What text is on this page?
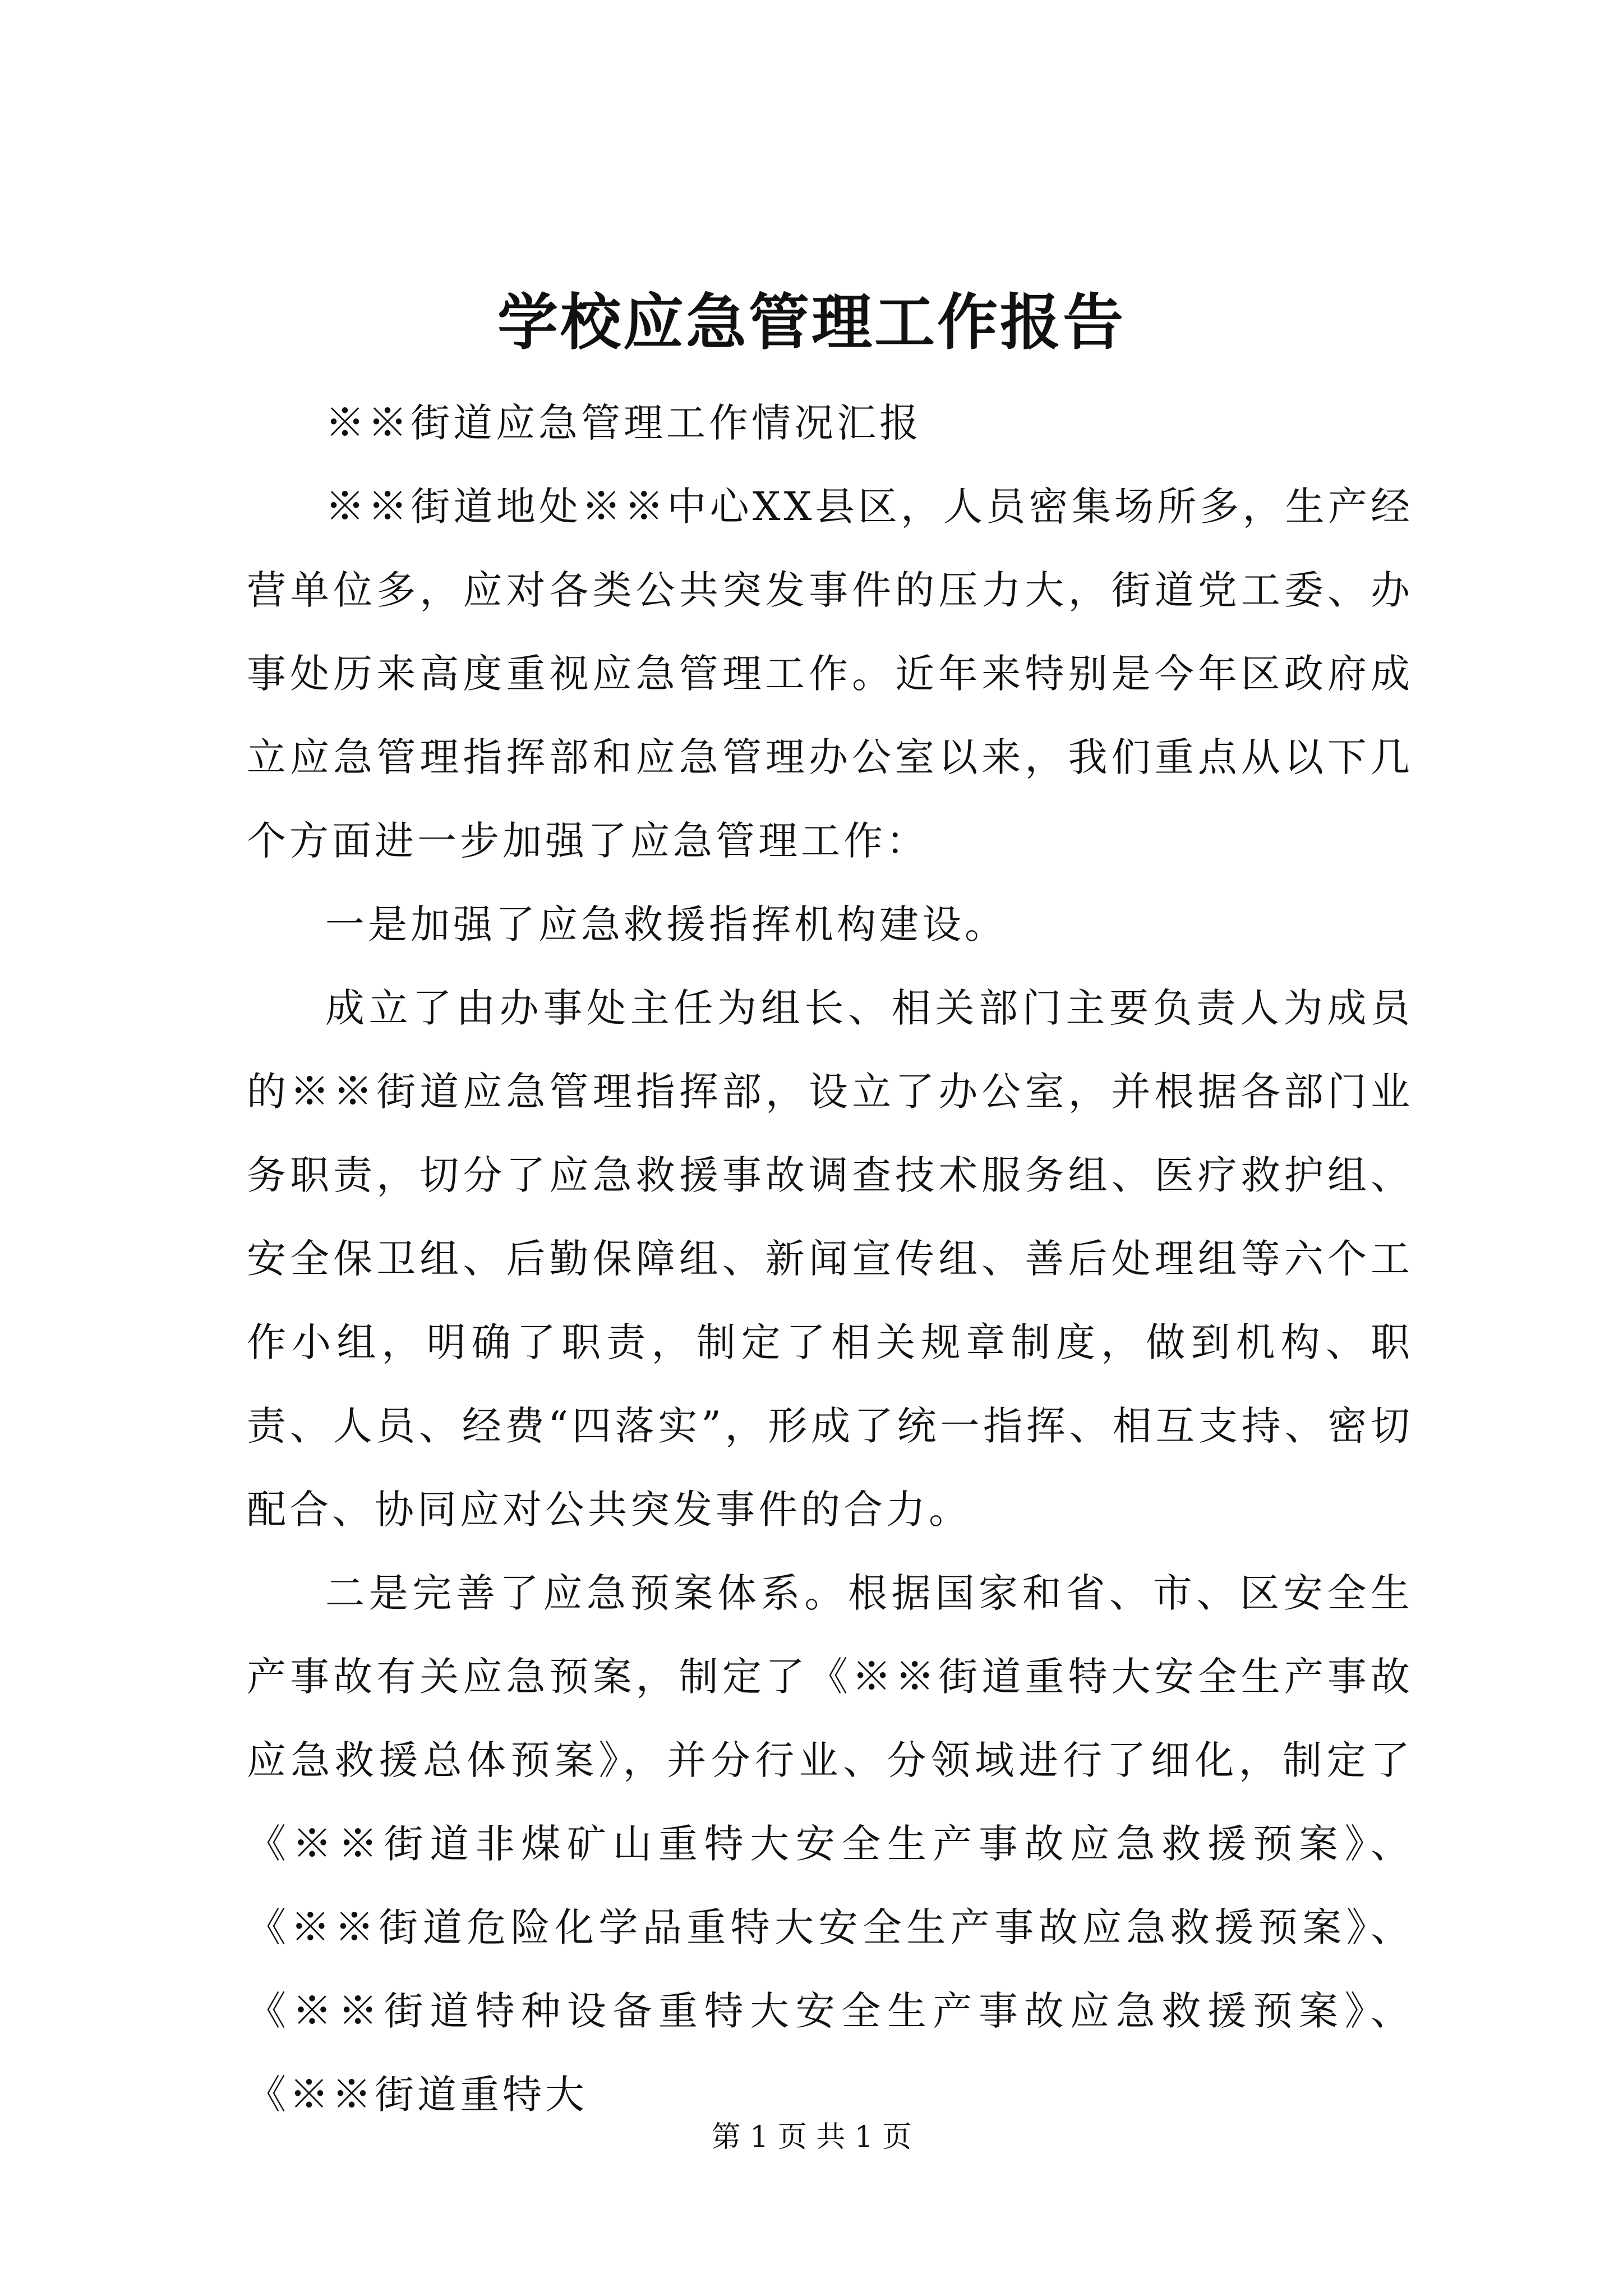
学校应急管理工作报告

※※街道应急管理工作情况汇报

※※街道地处※※中心XX县区，人员密集场所多，生产经营单位多，应对各类公共突发事件的压力大，街道党工委、办事处历来高度重视应急管理工作。近年来特别是今年区政府成立应急管理指挥部和应急管理办公室以来，我们重点从以下几个方面进一步加强了应急管理工作：

一是加强了应急救援指挥机构建设。

成立了由办事处主任为组长、相关部门主要负责人为成员的※※街道应急管理指挥部，设立了办公室，并根据各部门业务职责，切分了应急救援事故调查技术服务组、医疗救护组、安全保卫组、后勤保障组、新闻宣传组、善后处理组等六个工作小组，明确了职责，制定了相关规章制度，做到机构、职责、人员、经费“四落实”，形成了统一指挥、相互支持、密切配合、协同应对公共突发事件的合力。

二是完善了应急预案体系。根据国家和省、市、区安全生产事故有关应急预案，制定了《※※街道重特大安全生产事故应急救援总体预案》，并分行业、分领域进行了细化，制定了《※※街道非煤矿山重特大安全生产事故应急救援预案》、《※※街道危险化学品重特大安全生产事故应急救援预案》、《※※街道特种设备重特大安全生产事故应急救援预案》、《※※街道重特大

第 1 页 共 1 页
